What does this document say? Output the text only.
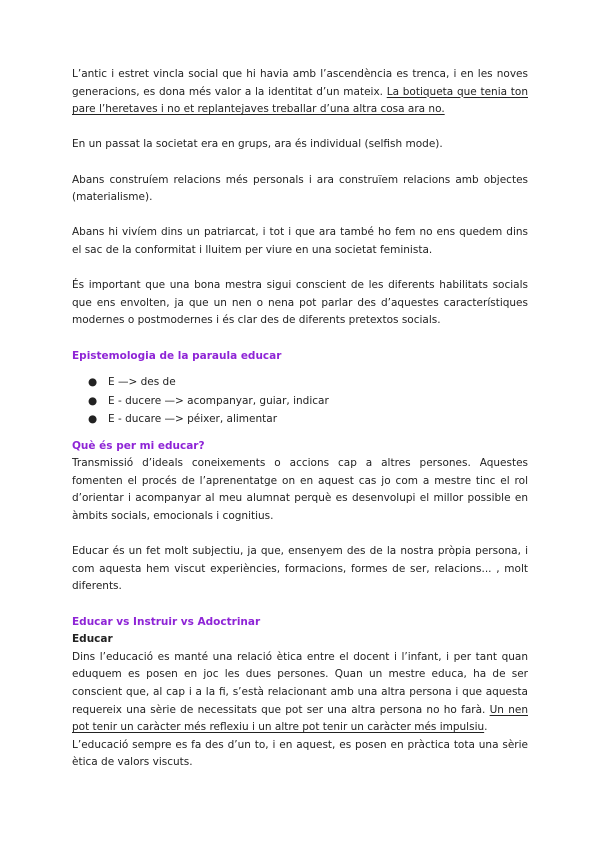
L’antic i estret vincla social que hi havia amb l’ascendència es trenca, i en les noves generacions, es dona més valor a la identitat d’un mateix. La botiqueta que tenia ton pare l’heretaves i no et replantejaves treballar d’una altra cosa ara no.

En un passat la societat era en grups, ara és individual (selfish mode).

Abans construíem relacions més personals i ara construïem relacions amb objectes (materialisme).

Abans hi vivíem dins un patriarcat, i tot i que ara també ho fem no ens quedem dins el sac de la conformitat i lluitem per viure en una societat feminista.

És important que una bona mestra sigui conscient de les diferents habilitats socials que ens envolten, ja que un nen o nena pot parlar des d’aquestes característiques modernes o postmodernes i és clar des de diferents pretextos socials.

Epistemologia de la paraula educar

● E —> des de
● E - ducere —> acompanyar, guiar, indicar
● E - ducare —> péixer, alimentar

Què és per mi educar?

Transmissió d’ideals coneixements o accions cap a altres persones. Aquestes fomenten el procés de l’aprenentatge on en aquest cas jo com a mestre tinc el rol d’orientar i acompanyar al meu alumnat perquè es desenvolupi el millor possible en àmbits socials, emocionals i cognitius.

Educar és un fet molt subjectiu, ja que, ensenyem des de la nostra pròpia persona, i com aquesta hem viscut experiències, formacions, formes de ser, relacions... , molt diferents.

Educar vs Instruir vs Adoctrinar

Educar

Dins l’educació es manté una relació ètica entre el docent i l’infant, i per tant quan eduquem es posen en joc les dues persones. Quan un mestre educa, ha de ser conscient que, al cap i a la fi, s’està relacionant amb una altra persona i que aquesta requereix una sèrie de necessitats que pot ser una altra persona no ho farà. Un nen pot tenir un caràcter més reflexiu i un altre pot tenir un caràcter més impulsiu.

L’educació sempre es fa des d’un to, i en aquest, es posen en pràctica tota una sèrie ètica de valors viscuts.
